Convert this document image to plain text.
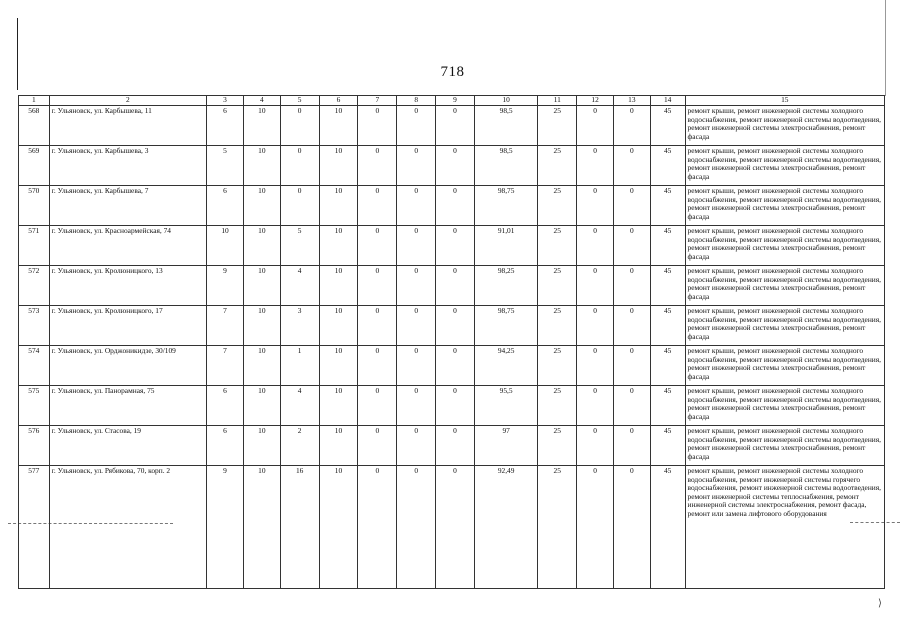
⟩
718
1	2	3	4	5	6	7	8	9	10	11	12	13	14	15
568	г. Ульяновск, ул. Карбышева, 11	6	10	0	10	0	0	0	98,5	25	0	0	45	ремонт крыши, ремонт инженерной системы холодного водоснабжения, ремонт инженерной системы водоотведения, ремонт инженерной системы электроснабжения, ремонт фасада
569	г. Ульяновск, ул. Карбышева, 3	5	10	0	10	0	0	0	98,5	25	0	0	45	ремонт крыши, ремонт инженерной системы холодного водоснабжения, ремонт инженерной системы водоотведения, ремонт инженерной системы электроснабжения, ремонт фасада
570	г. Ульяновск, ул. Карбышева, 7	6	10	0	10	0	0	0	98,75	25	0	0	45	ремонт крыши, ремонт инженерной системы холодного водоснабжения, ремонт инженерной системы водоотведения, ремонт инженерной системы электроснабжения, ремонт фасада
571	г. Ульяновск, ул. Красноармейская, 74	10	10	5	10	0	0	0	91,01	25	0	0	45	ремонт крыши, ремонт инженерной системы холодного водоснабжения, ремонт инженерной системы водоотведения, ремонт инженерной системы электроснабжения, ремонт фасада
572	г. Ульяновск, ул. Кролюницкого, 13	9	10	4	10	0	0	0	98,25	25	0	0	45	ремонт крыши, ремонт инженерной системы холодного водоснабжения, ремонт инженерной системы водоотведения, ремонт инженерной системы электроснабжения, ремонт фасада
573	г. Ульяновск, ул. Кролюницкого, 17	7	10	3	10	0	0	0	98,75	25	0	0	45	ремонт крыши, ремонт инженерной системы холодного водоснабжения, ремонт инженерной системы водоотведения, ремонт инженерной системы электроснабжения, ремонт фасада
574	г. Ульяновск, ул. Орджоникидзе, 30/109	7	10	1	10	0	0	0	94,25	25	0	0	45	ремонт крыши, ремонт инженерной системы холодного водоснабжения, ремонт инженерной системы водоотведения, ремонт инженерной системы электроснабжения, ремонт фасада
575	г. Ульяновск, ул. Панорамная, 75	6	10	4	10	0	0	0	95,5	25	0	0	45	ремонт крыши, ремонт инженерной системы холодного водоснабжения, ремонт инженерной системы водоотведения, ремонт инженерной системы электроснабжения, ремонт фасада
576	г. Ульяновск, ул. Стасова, 19	6	10	2	10	0	0	0	97	25	0	0	45	ремонт крыши, ремонт инженерной системы холодного водоснабжения, ремонт инженерной системы водоотведения, ремонт инженерной системы электроснабжения, ремонт фасада
577	г. Ульяновск, ул. Рябикова, 70, корп. 2	9	10	16	10	0	0	0	92,49	25	0	0	45	ремонт крыши, ремонт инженерной системы холодного водоснабжения, ремонт инженерной системы горячего водоснабжения, ремонт инженерной системы водоотведения, ремонт инженерной системы теплоснабжения, ремонт инженерной системы электроснабжения, ремонт фасада, ремонт или замена лифтового оборудования
